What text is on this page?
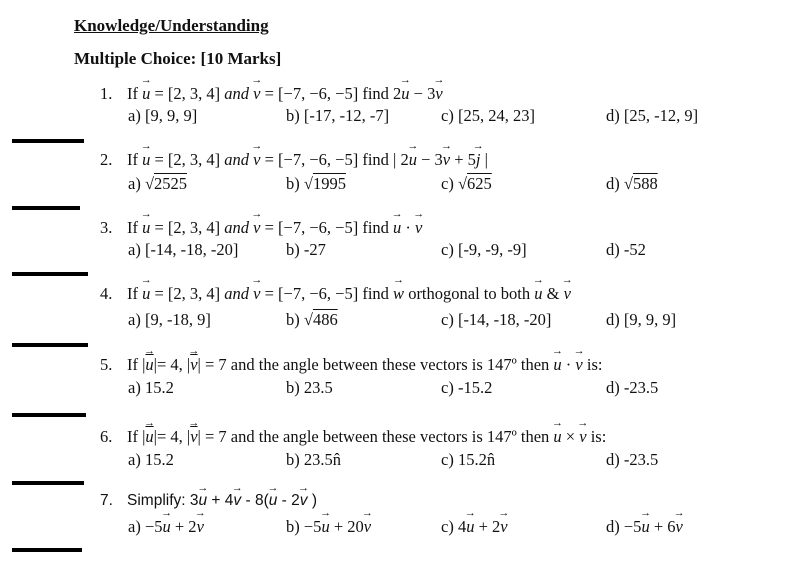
Knowledge/Understanding
Multiple Choice: [10 Marks]
1. If → u = [2, 3, 4] and → v = [−7, −6, −5] find 2→ u − 3→ v
a) [9, 9, 9]	b) [-17, -12, -7]	c) [25, 24, 23]	d) [25, -12, 9]
2. If → u = [2, 3, 4] and → v = [−7, −6, −5] find | 2→ u − 3→ v + 5→ j |
a) √2525	b) √1995	c) √625	d) √588
3. If → u = [2, 3, 4] and → v = [−7, −6, −5] find → u · → v
a) [-14, -18, -20]	b) -27	c) [-9, -9, -9]	d) -52
4. If → u = [2, 3, 4] and → v = [−7, −6, −5] find → w orthogonal to both → u & → v
a) [9, -18, 9]	b) √486	c) [-14, -18, -20]	d) [9, 9, 9]
5. If |→ $\overline{u}|= 4$, |→ $\overline{v}| = 7$ and the angle between these vectors is 147º then → u · → v is:
a) 15.2	b) 23.5	c) -15.2	d) -23.5
6. If |→ $\overline{u}|= 4$, |→ $\overline{v}| = 7$ and the angle between these vectors is 147º then → u × → v is:
a) 15.2	b) 23.5n̂	c) 15.2n̂	d) -23.5
7. Simplify: 3→ u + 4→ v - 8(→ u - 2→ v )
a) −5→ u + 2→ v	b) −5→ u + 20→ v	c) 4→ u + 2→ v	d) −5→ u + 6→ v
